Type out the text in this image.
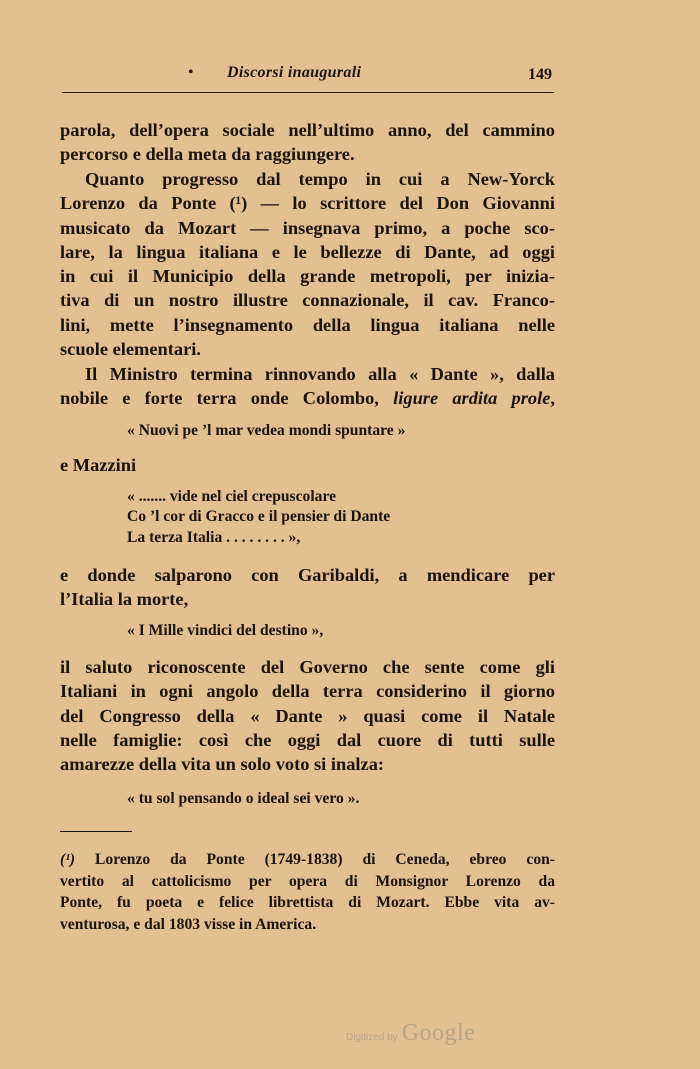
• Discorsi inaugurali	149
parola, dell’opera sociale nell’ultimo anno, del cammino
percorso e della meta da raggiungere.
Quanto progresso dal tempo in cui a New-Yorck
Lorenzo da Ponte (¹) — lo scrittore del Don Giovanni
musicato da Mozart — insegnava primo, a poche sco-
lare, la lingua italiana e le bellezze di Dante, ad oggi
in cui il Municipio della grande metropoli, per inizia-
tiva di un nostro illustre connazionale, il cav. Franco-
lini, mette l’insegnamento della lingua italiana nelle
scuole elementari.
Il Ministro termina rinnovando alla « Dante », dalla
nobile e forte terra onde Colombo, ligure ardita prole,
« Nuovi pe ’l mar vedea mondi spuntare »
e Mazzini
« ....... vide nel ciel crepuscolare
Co ’l cor di Gracco e il pensier di Dante
La terza Italia . . . . . . . . »,
e donde salparono con Garibaldi, a mendicare per
l’Italia la morte,
« I Mille vindici del destino »,
il saluto riconoscente del Governo che sente come gli
Italiani in ogni angolo della terra considerino il giorno
del Congresso della « Dante » quasi come il Natale
nelle famiglie: così che oggi dal cuore di tutti sulle
amarezze della vita un solo voto si inalza:
« tu sol pensando o ideal sei vero ».
(¹) Lorenzo da Ponte (1749-1838) di Ceneda, ebreo con-
vertito al cattolicismo per opera di Monsignor Lorenzo da
Ponte, fu poeta e felice librettista di Mozart. Ebbe vita av-
venturosa, e dal 1803 visse in America.
Digitized by Google
